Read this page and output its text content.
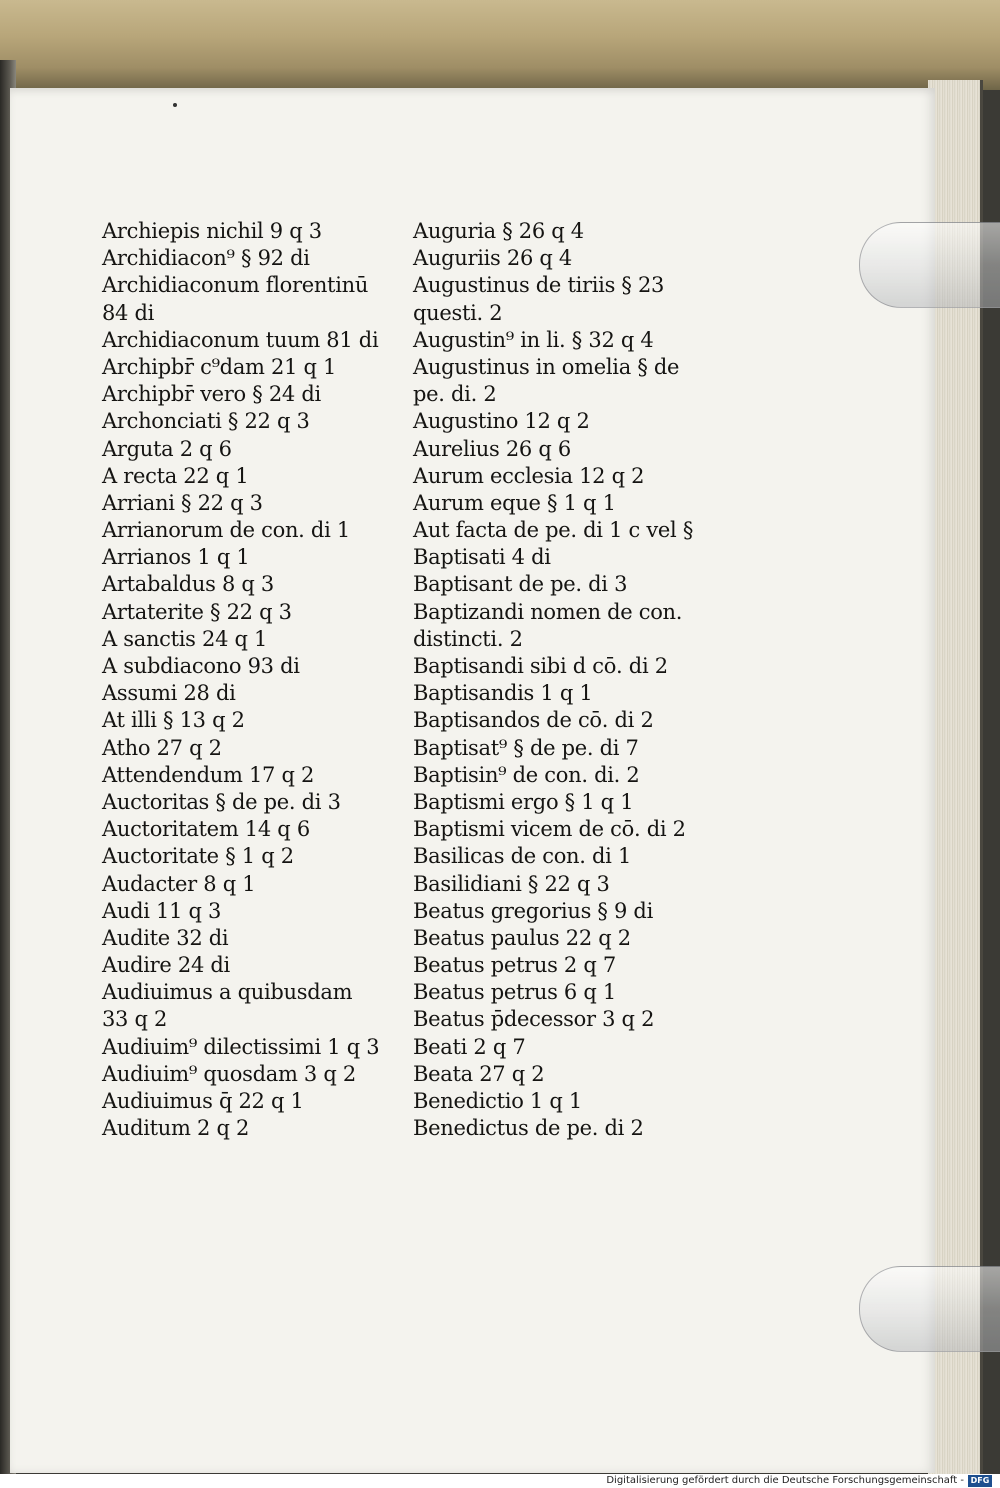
Archiepis nichil 9 q 3
Archidiacon⁹ § 92 di
Archidiaconum florentinū
84 di
Archidiaconum tuum 81 di
Archipbr̄ c⁹dam 21 q 1
Archipbr̄ vero § 24 di
Archonciati § 22 q 3
Arguta 2 q 6
A recta 22 q 1
Arriani § 22 q 3
Arrianorum de con. di 1
Arrianos 1 q 1
Artabaldus 8 q 3
Artaterite § 22 q 3
A sanctis 24 q 1
A subdiacono 93 di
Assumi 28 di
At illi § 13 q 2
Atho 27 q 2
Attendendum 17 q 2
Auctoritas § de pe. di 3
Auctoritatem 14 q 6
Auctoritate § 1 q 2
Audacter 8 q 1
Audi 11 q 3
Audite 32 di
Audire 24 di
Audiuimus a quibusdam
33 q 2
Audiuim⁹ dilectissimi 1 q 3
Audiuim⁹ quosdam 3 q 2
Audiuimus q̄ 22 q 1
Auditum 2 q 2
Auguria § 26 q 4
Auguriis 26 q 4
Augustinus de tiriis § 23
questi. 2
Augustin⁹ in li. § 32 q 4
Augustinus in omelia § de
pe. di. 2
Augustino 12 q 2
Aurelius 26 q 6
Aurum ecclesia 12 q 2
Aurum eque § 1 q 1
Aut facta de pe. di 1 c vel §
Baptisati 4 di
Baptisant de pe. di 3
Baptizandi nomen de con.
distincti. 2
Baptisandi sibi d cō. di 2
Baptisandis 1 q 1
Baptisandos de cō. di 2
Baptisat⁹ § de pe. di 7
Baptisin⁹ de con. di. 2
Baptismi ergo § 1 q 1
Baptismi vicem de cō. di 2
Basilicas de con. di 1
Basilidiani § 22 q 3
Beatus gregorius § 9 di
Beatus paulus 22 q 2
Beatus petrus 2 q 7
Beatus petrus 6 q 1
Beatus p̄decessor 3 q 2
Beati 2 q 7
Beata 27 q 2
Benedictio 1 q 1
Benedictus de pe. di 2
Digitalisierung gefördert durch die Deutsche Forschungsgemeinschaft - DFG
